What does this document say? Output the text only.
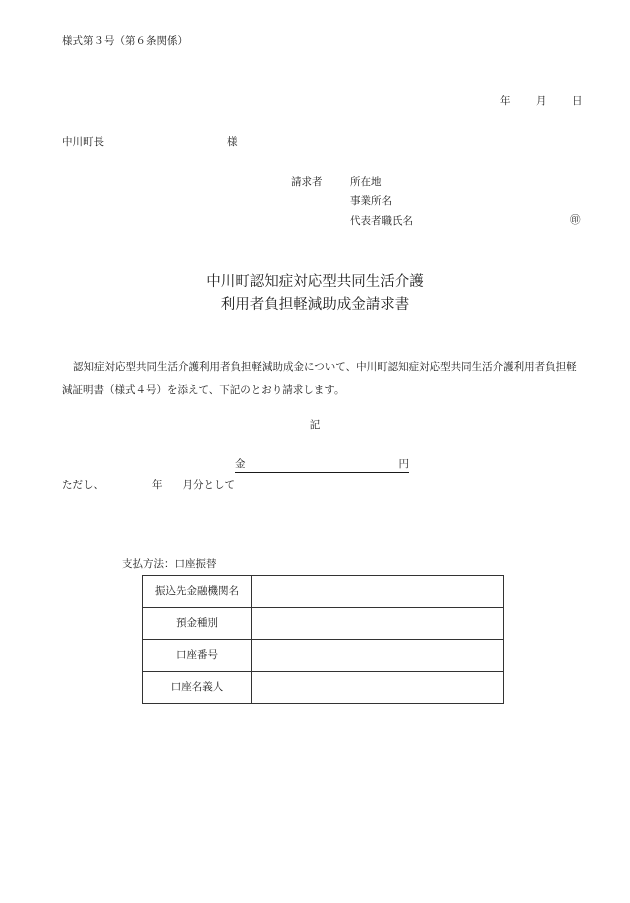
様式第３号（第６条関係）
年	月	日
中川町長	様
請求者	所在地
事業所名
代表者職氏名	㊞
中川町認知症対応型共同生活介護
利用者負担軽減助成金請求書
認知症対応型共同生活介護利用者負担軽減助成金について、中川町認知症対応型共同生活介護利用者負担軽減証明書（様式４号）を添えて、下記のとおり請求します。
記
金	円
ただし、	年 月分として
支払方法：口座振替
振込先金融機関名	
預金種別	
口座番号	
口座名義人	
